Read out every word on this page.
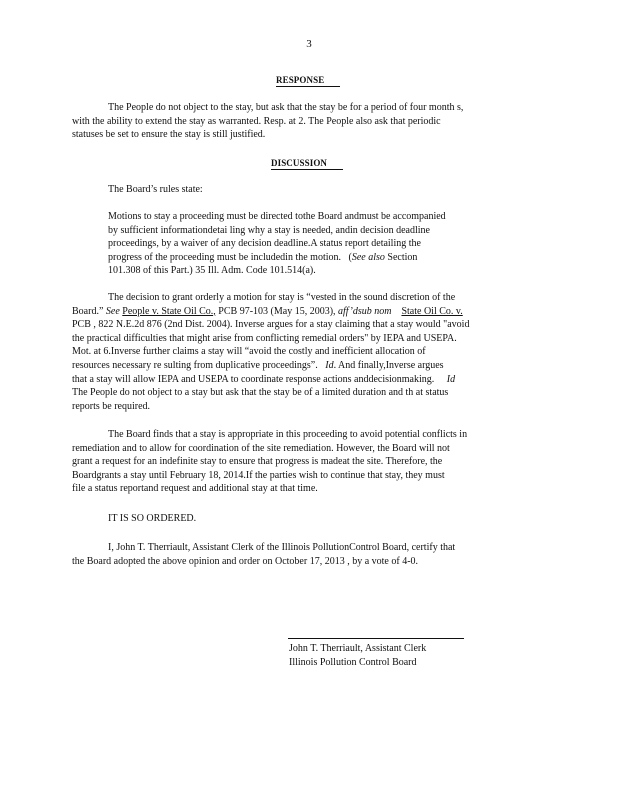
3
RESPONSE
The People do not object to the stay, but ask that the stay be for a period of four month s,
with the ability to extend the stay as warranted. Resp. at 2. The People also ask that periodic
statuses be set to ensure the stay is still justified.
DISCUSSION
The Board’s rules state:
Motions to stay a proceeding must be directed tothe Board andmust be accompanied
by sufficient informationdetai ling why a stay is needed, andin decision deadline
proceedings, by a waiver of any decision deadline.A status report detailing the
progress of the proceeding must be includedin the motion. (See also Section
101.308 of this Part.) 35 Ill. Adm. Code 101.514(a).
The decision to grant orderly a motion for stay is “vested in the sound discretion of the
Board.” See People v. State Oil Co., PCB 97-103 (May 15, 2003), aff’dsub nom State Oil Co. v.
PCB , 822 N.E.2d 876 (2nd Dist. 2004). Inverse argues for a stay claiming that a stay would "avoid
the practical difficulties that might arise from conflicting remedial orders" by IEPA and USEPA.
Mot. at 6.Inverse further claims a stay will “avoid the costly and inefficient allocation of
resources necessary re sulting from duplicative proceedings”. Id. And finally,Inverse argues
that a stay will allow IEPA and USEPA to coordinate response actions anddecisionmaking. Id
The People do not object to a stay but ask that the stay be of a limited duration and th at status
reports be required.
The Board finds that a stay is appropriate in this proceeding to avoid potential conflicts in
remediation and to allow for coordination of the site remediation. However, the Board will not
grant a request for an indefinite stay to ensure that progress is madeat the site. Therefore, the
Boardgrants a stay until February 18, 2014.If the parties wish to continue that stay, they must
file a status reportand request and additional stay at that time.
IT IS SO ORDERED.
I, John T. Therriault, Assistant Clerk of the Illinois PollutionControl Board, certify that
the Board adopted the above opinion and order on October 17, 2013 , by a vote of 4-0.
John T. Therriault, Assistant Clerk
Illinois Pollution Control Board
